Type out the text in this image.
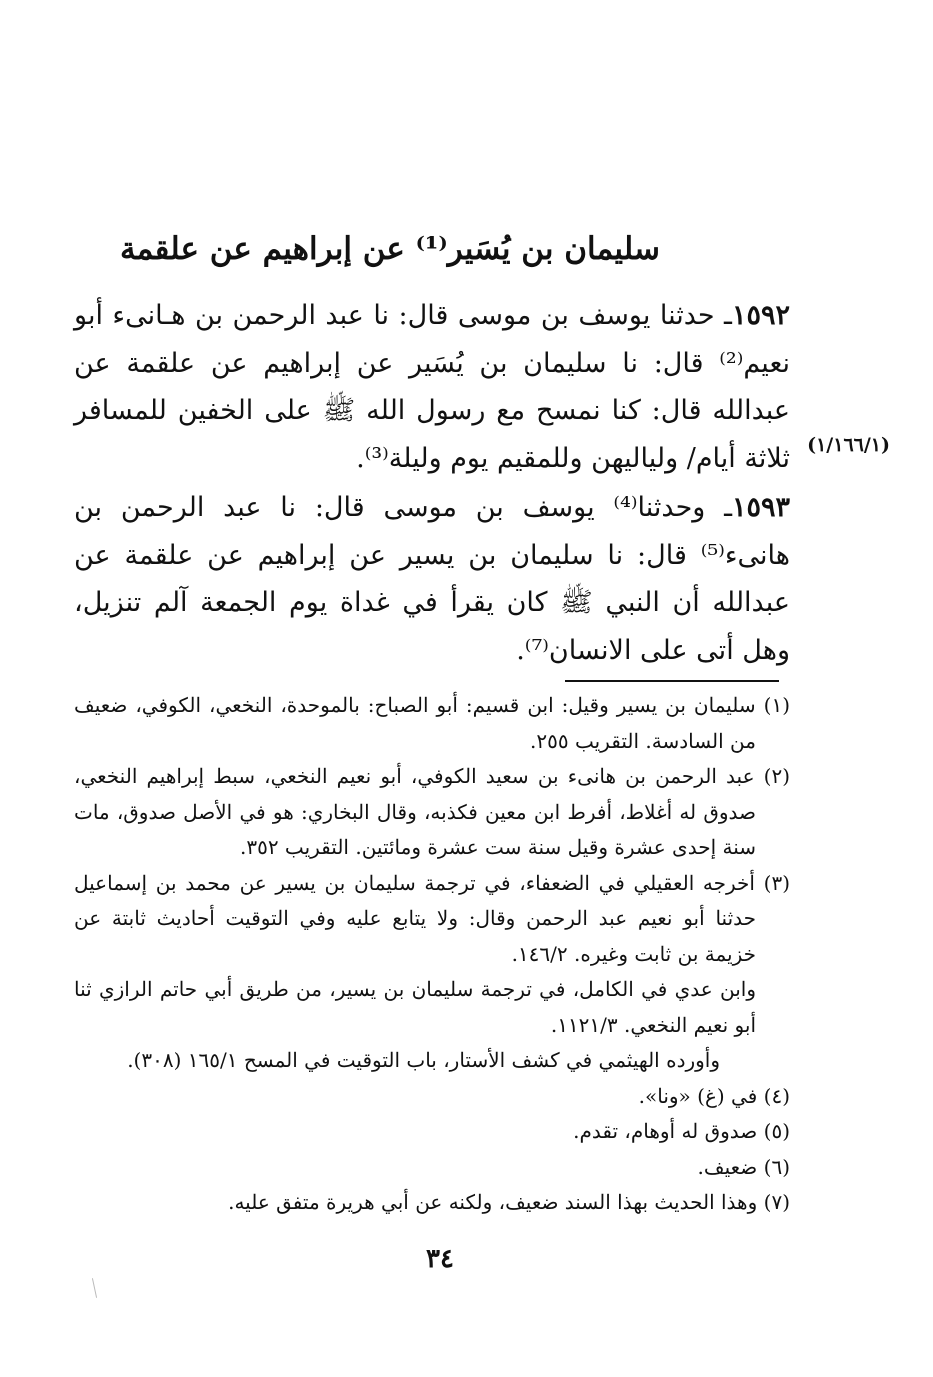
سليمان بن يُسَير⁽¹⁾ عن إبراهيم عن علقمة
١٥٩٢ـ حدثنا يوسف بن موسى قال: نا عبد الرحمن بن هـانىء أبو نعيم⁽²⁾ قال: نا سليمان بن يُسَير عن إبراهيم عن علقمة عن عبدالله قال: كنا نمسح مع رسول الله ﷺ على الخفين للمسافر ثلاثة أيام/ ولياليهن وللمقيم يوم وليلة⁽³⁾. (١/١٦٦/١)
١٥٩٣ـ وحدثنا⁽⁴⁾ يوسف بن موسى قال: نا عبد الرحمن بن هانىء⁽⁵⁾ قال: نا سليمان بن يسير عن إبراهيم عن علقمة عن عبدالله أن النبي ﷺ كان يقرأ في غداة يوم الجمعة آلم تنزيل، وهل أتى على الانسان⁽⁷⁾.

(١) سليمان بن يسير وقيل: ابن قسيم: أبو الصباح: بالموحدة، النخعي، الكوفي، ضعيف من السادسة. التقريب ٢٥٥.

(٢) عبد الرحمن بن هانىء بن سعيد الكوفي، أبو نعيم النخعي، سبط إبراهيم النخعي، صدوق له أغلاط، أفرط ابن معين فكذبه، وقال البخاري: هو في الأصل صدوق، مات سنة إحدى عشرة وقيل سنة ست عشرة ومائتين. التقريب ٣٥٢.

(٣) أخرجه العقيلي في الضعفاء، في ترجمة سليمان بن يسير عن محمد بن إسماعيل حدثنا أبو نعيم عبد الرحمن وقال: ولا يتابع عليه وفي التوقيت أحاديث ثابتة عن خزيمة بن ثابت وغيره. ١٤٦/٢.

وابن عدي في الكامل، في ترجمة سليمان بن يسير، من طريق أبي حاتم الرازي ثنا أبو نعيم النخعي. ١١٢١/٣.

وأورده الهيثمي في كشف الأستار، باب التوقيت في المسح ١٦٥/١ (٣٠٨).

(٤) في (غ) «ونا».

(٥) صدوق له أوهام، تقدم.

(٦) ضعيف.

(٧) وهذا الحديث بهذا السند ضعيف، ولكنه عن أبي هريرة متفق عليه.

٣٤
